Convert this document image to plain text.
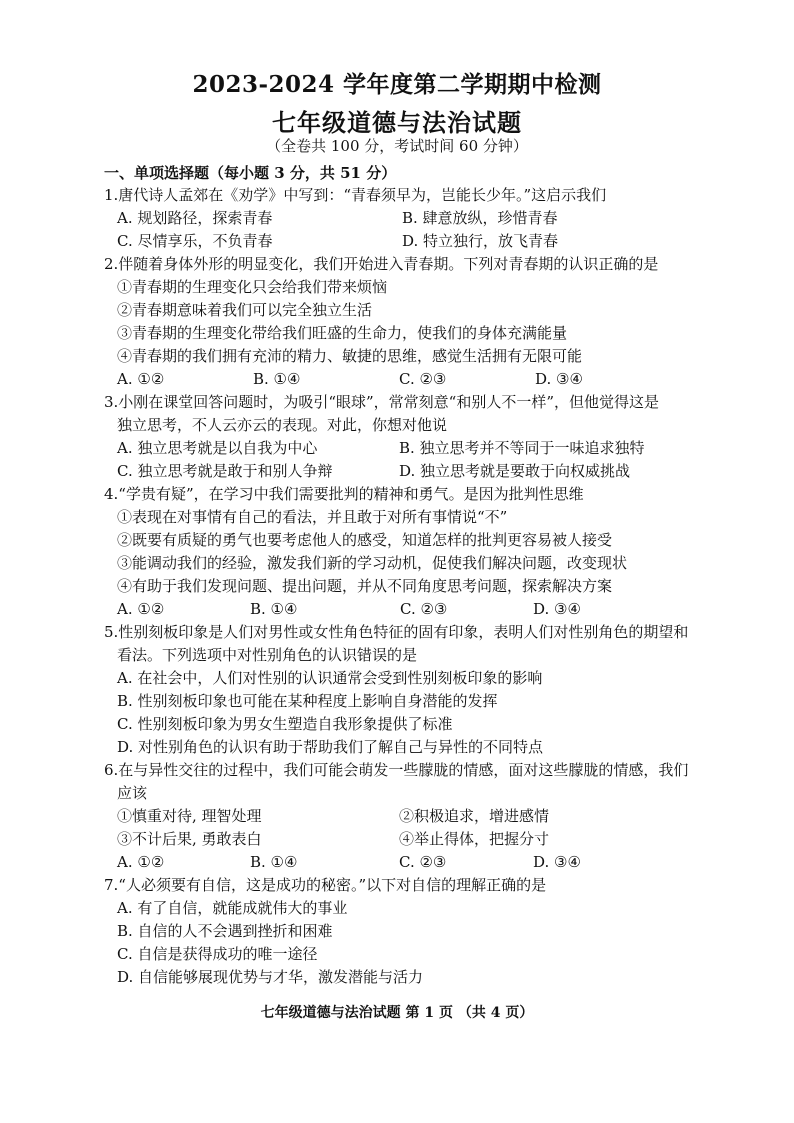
2023-2024 学年度第二学期期中检测
七年级道德与法治试题
（全卷共 100 分，考试时间 60 分钟）
一、单项选择题（每小题 3 分，共 51 分）
1.唐代诗人孟郊在《劝学》中写到：“青春须早为，岂能长少年。”这启示我们
A. 规划路径，探索青春	B. 肆意放纵，珍惜青春
C. 尽情享乐，不负青春	D. 特立独行，放飞青春
2.伴随着身体外形的明显变化，我们开始进入青春期。下列对青春期的认识正确的是
①青春期的生理变化只会给我们带来烦恼
②青春期意味着我们可以完全独立生活
③青春期的生理变化带给我们旺盛的生命力，使我们的身体充满能量
④青春期的我们拥有充沛的精力、敏捷的思维，感觉生活拥有无限可能
A. ①②	B. ①④	C. ②③	D. ③④
3.小刚在课堂回答问题时，为吸引“眼球”，常常刻意“和别人不一样”，但他觉得这是
独立思考，不人云亦云的表现。对此，你想对他说
A. 独立思考就是以自我为中心	B. 独立思考并不等同于一味追求独特
C. 独立思考就是敢于和别人争辩	D. 独立思考就是要敢于向权威挑战
4.“学贵有疑”，在学习中我们需要批判的精神和勇气。是因为批判性思维
①表现在对事情有自己的看法，并且敢于对所有事情说“不”
②既要有质疑的勇气也要考虑他人的感受，知道怎样的批判更容易被人接受
③能调动我们的经验，激发我们新的学习动机，促使我们解决问题，改变现状
④有助于我们发现问题、提出问题，并从不同角度思考问题，探索解决方案
A. ①②	B. ①④	C. ②③	D. ③④
5.性别刻板印象是人们对男性或女性角色特征的固有印象，表明人们对性别角色的期望和
看法。下列选项中对性别角色的认识错误的是
A. 在社会中，人们对性别的认识通常会受到性别刻板印象的影响
B. 性别刻板印象也可能在某种程度上影响自身潜能的发挥
C. 性别刻板印象为男女生塑造自我形象提供了标准
D. 对性别角色的认识有助于帮助我们了解自己与异性的不同特点
6.在与异性交往的过程中，我们可能会萌发一些朦胧的情感，面对这些朦胧的情感，我们
应该
①慎重对待, 理智处理	②积极追求，增进感情
③不计后果, 勇敢表白	④举止得体，把握分寸
A. ①②	B. ①④	C. ②③	D. ③④
7.“人必须要有自信，这是成功的秘密。”以下对自信的理解正确的是
A. 有了自信，就能成就伟大的事业
B. 自信的人不会遇到挫折和困难
C. 自信是获得成功的唯一途径
D. 自信能够展现优势与才华，激发潜能与活力
七年级道德与法治试题 第 1 页 （共 4 页）
